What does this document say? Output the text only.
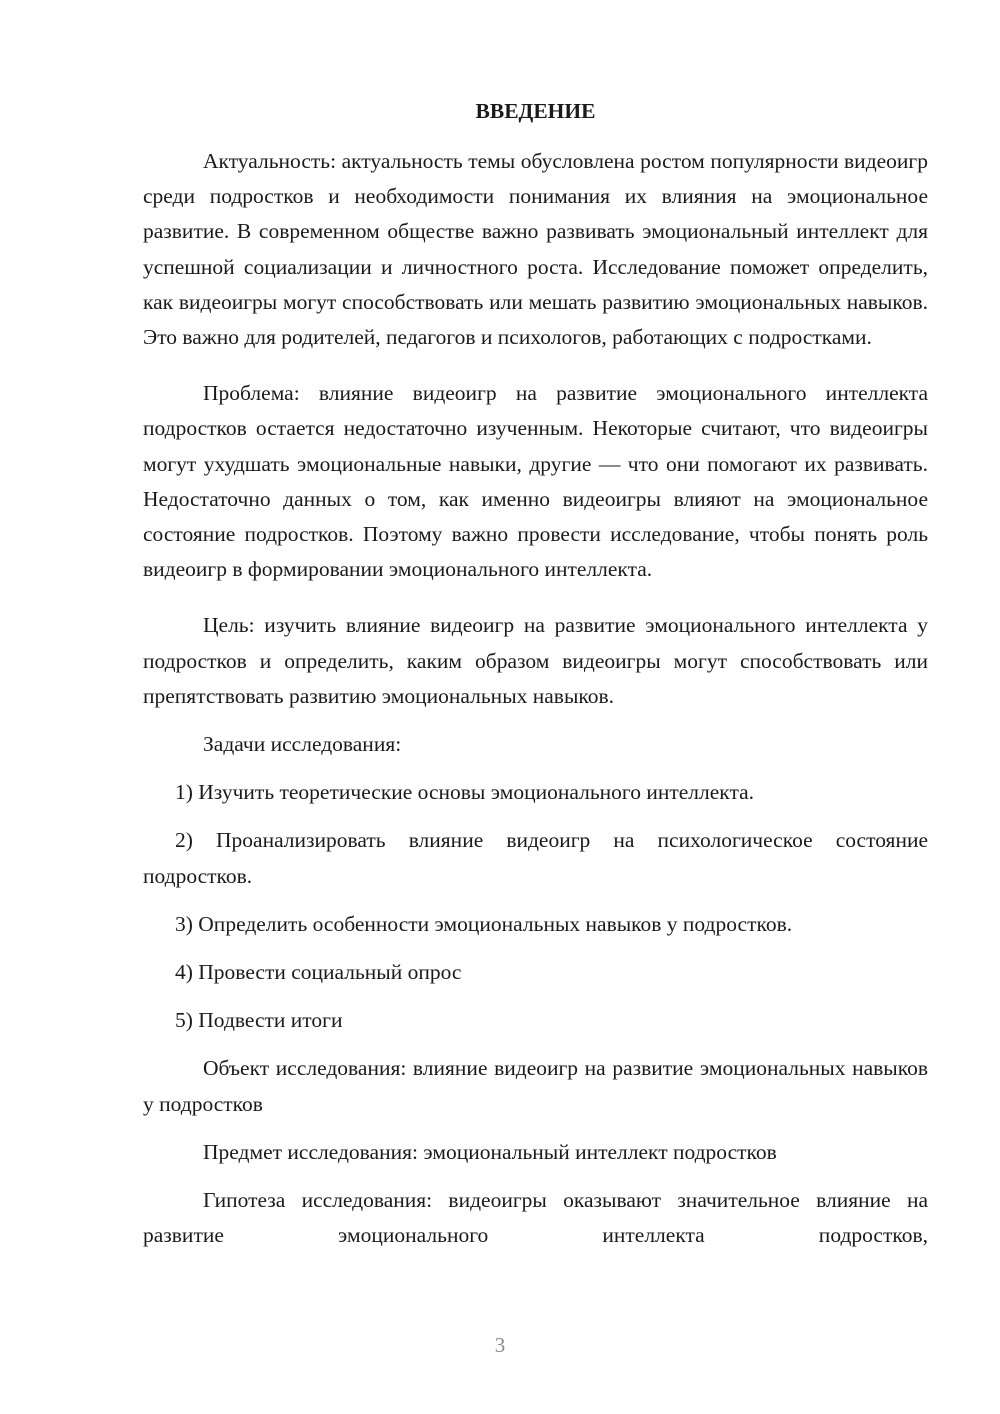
ВВЕДЕНИЕ

Актуальность: актуальность темы обусловлена ростом популярности видеоигр среди подростков и необходимости понимания их влияния на эмоциональное развитие. В современном обществе важно развивать эмоциональный интеллект для успешной социализации и личностного роста. Исследование поможет определить, как видеоигры могут способствовать или мешать развитию эмоциональных навыков. Это важно для родителей, педагогов и психологов, работающих с подростками.

Проблема: влияние видеоигр на развитие эмоционального интеллекта подростков остается недостаточно изученным. Некоторые считают, что видеоигры могут ухудшать эмоциональные навыки, другие — что они помогают их развивать. Недостаточно данных о том, как именно видеоигры влияют на эмоциональное состояние подростков. Поэтому важно провести исследование, чтобы понять роль видеоигр в формировании эмоционального интеллекта.

Цель: изучить влияние видеоигр на развитие эмоционального интеллекта у подростков и определить, каким образом видеоигры могут способствовать или препятствовать развитию эмоциональных навыков.

Задачи исследования:

1) Изучить теоретические основы эмоционального интеллекта.

2) Проанализировать влияние видеоигр на психологическое состояние подростков.

3) Определить особенности эмоциональных навыков у подростков.

4) Провести социальный опрос

5) Подвести итоги

Объект исследования: влияние видеоигр на развитие эмоциональных навыков у подростков

Предмет исследования: эмоциональный интеллект подростков

Гипотеза исследования: видеоигры оказывают значительное влияние на развитие эмоционального интеллекта подростков,

3
